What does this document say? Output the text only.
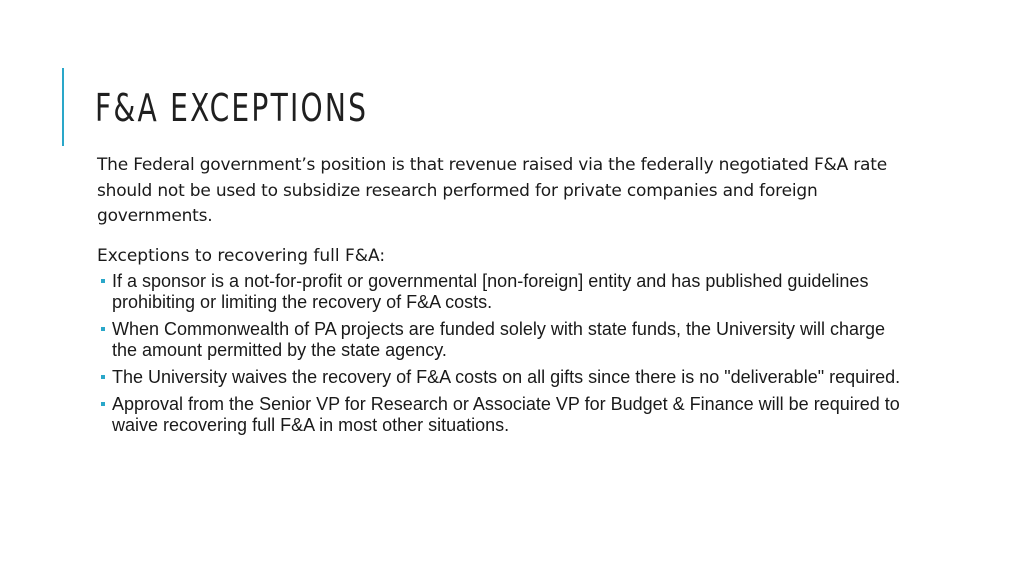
F&A EXCEPTIONS

The Federal government’s position is that revenue raised via the federally negotiated F&A rate should not be used to subsidize research performed for private companies and foreign governments.

Exceptions to recovering full F&A:

If a sponsor is a not-for-profit or governmental [non-foreign] entity and has published guidelines prohibiting or limiting the recovery of F&A costs.
When Commonwealth of PA projects are funded solely with state funds, the University will charge the amount permitted by the state agency.
The University waives the recovery of F&A costs on all gifts since there is no "deliverable" required.
Approval from the Senior VP for Research or Associate VP for Budget & Finance will be required to waive recovering full F&A in most other situations.
